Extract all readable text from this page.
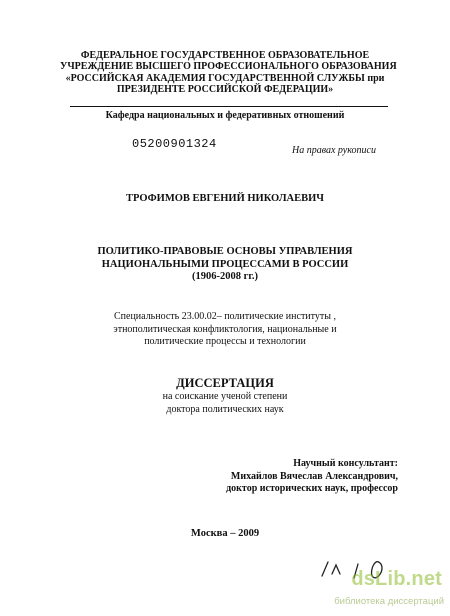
ФЕДЕРАЛЬНОЕ ГОСУДАРСТВЕННОЕ ОБРАЗОВАТЕЛЬНОЕ
УЧРЕЖДЕНИЕ ВЫСШЕГО ПРОФЕССИОНАЛЬНОГО ОБРАЗОВАНИЯ
«РОССИЙСКАЯ АКАДЕМИЯ ГОСУДАРСТВЕННОЙ СЛУЖБЫ при
ПРЕЗИДЕНТЕ РОССИЙСКОЙ ФЕДЕРАЦИИ»
Кафедра национальных и федеративных отношений
05200901324	На правах рукописи
ТРОФИМОВ ЕВГЕНИЙ НИКОЛАЕВИЧ
ПОЛИТИКО-ПРАВОВЫЕ ОСНОВЫ УПРАВЛЕНИЯ
НАЦИОНАЛЬНЫМИ ПРОЦЕССАМИ В РОССИИ
(1906-2008 гг.)
Специальность 23.00.02– политические институты ,
этнополитическая конфликтология, национальные и
политические процессы и технологии
ДИССЕРТАЦИЯ
на соискание ученой степени
доктора политических наук
Научный консультант:
Михайлов Вячеслав Александрович,
доктор исторических наук, профессор
Москва – 2009
dsLib.net
библиотека диссертаций
